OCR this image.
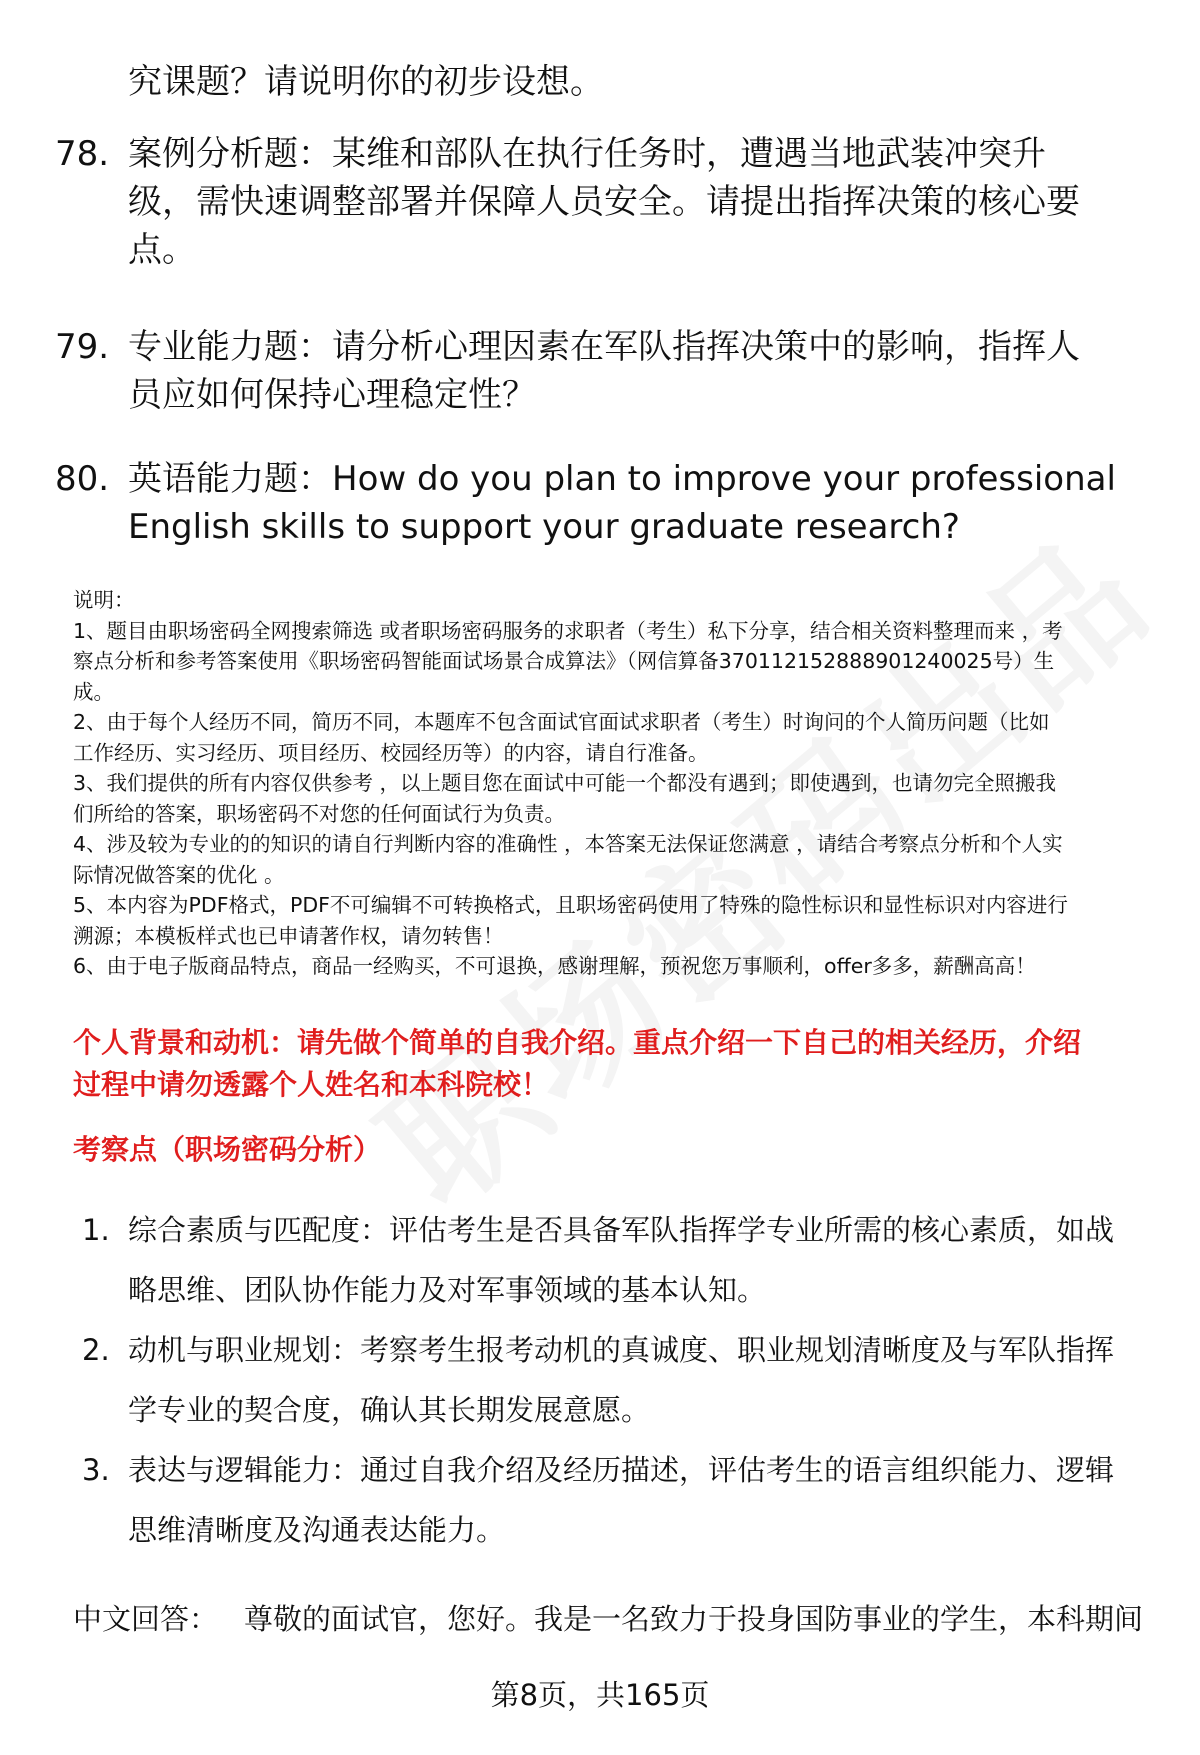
究课题？请说明你的初步设想。
78. 案例分析题：某维和部队在执行任务时，遭遇当地武装冲突升
级，需快速调整部署并保障人员安全。请提出指挥决策的核心要
点。
79. 专业能力题：请分析心理因素在军队指挥决策中的影响，指挥人
员应如何保持心理稳定性？
80. 英语能力题：How do you plan to improve your professional
English skills to support your graduate research?
说明：
1、题目由职场密码全网搜索筛选 或者职场密码服务的求职者（考生）私下分享，结合相关资料整理而来 ，考
察点分析和参考答案使用《职场密码智能面试场景合成算法》（网信算备370112152888901240025号）生
成。
2、由于每个人经历不同，简历不同，本题库不包含面试官面试求职者（考生）时询问的个人简历问题（比如
工作经历、实习经历、项目经历、校园经历等）的内容，请自行准备。
3、我们提供的所有内容仅供参考 ，以上题目您在面试中可能一个都没有遇到；即使遇到，也请勿完全照搬我
们所给的答案，职场密码不对您的任何面试行为负责。
4、涉及较为专业的的知识的请自行判断内容的准确性 ，本答案无法保证您满意 ，请结合考察点分析和个人实
际情况做答案的优化 。
5、本内容为PDF格式，PDF不可编辑不可转换格式，且职场密码使用了特殊的隐性标识和显性标识对内容进行
溯源；本模板样式也已申请著作权，请勿转售！
6、由于电子版商品特点，商品一经购买，不可退换，感谢理解，预祝您万事顺利，offer多多，薪酬高高！
个人背景和动机：请先做个简单的自我介绍。重点介绍一下自己的相关经历，介绍
过程中请勿透露个人姓名和本科院校！
考察点（职场密码分析）
1. 综合素质与匹配度：评估考生是否具备军队指挥学专业所需的核心素质，如战
略思维、团队协作能力及对军事领域的基本认知。
2. 动机与职业规划：考察考生报考动机的真诚度、职业规划清晰度及与军队指挥
学专业的契合度，确认其长期发展意愿。
3. 表达与逻辑能力：通过自我介绍及经历描述，评估考生的语言组织能力、逻辑
思维清晰度及沟通表达能力。
中文回答： 尊敬的面试官，您好。我是一名致力于投身国防事业的学生，本科期间
第8页，共165页
